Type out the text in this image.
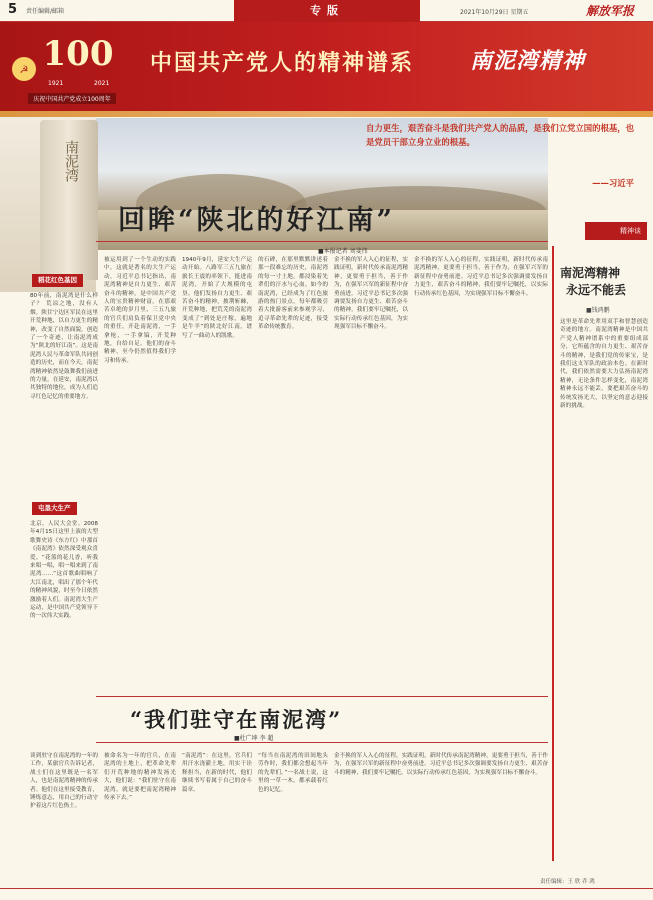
5 责任编辑/邮箱	专版	2021年10月29日 星期五	解放军报
☭ 100
1921	2021
庆祝中国共产党成立100周年
中国共产党人的精神谱系	南泥湾精神
南泥湾
自力更生，艰苦奋斗是我们共产党人的品质，是我们立党立国的根基，也是党员干部立身立业的根基。
——习近平
回眸“陕北的好江南”
■本报记者 刘斐伟
稻花红色基因
屯垦大生产
80年前，南泥湾是什么样子？ 荒凉之地，没有人烟。陕甘宁边区军民在这里开荒种地，以自力更生的精神，改变了自然面貌，创造了一个奇迹，让南泥湾成为“陕北的好江南”。这是南泥湾人民与革命军队共同创造的历史，而在今天，南泥湾精神依然是鼓舞我们前进的力量。在延安，南泥湾以其独特的地位，成为人们追寻红色记忆的重要地方。
北京，人民大会堂。2008年4月15日这里上演的大型歌舞史诗《东方红》中那首《南泥湾》依然深受观众喜爱。“花篮的花儿香，听我来唱一唱，唱一唱来到了南泥湾……”这首歌曲唱响了大江南北，唱出了那个年代的精神风貌，时至今日依然激励着人们。南泥湾大生产运动，是中国共产党领导下的一次伟大实践。
被运用到了一个生动的实践中，这就是著名的大生产运动，习近平总书记指出，南泥湾精神是自力更生、艰苦奋斗的精神，是中国共产党人的宝贵精神财富。在那艰苦卓绝的岁月里，三五九旅的官兵们肩负着保卫党中央的重任，开赴南泥湾，一手拿枪，一手拿镐，开荒种地，自给自足。他们的奋斗精神，至今仍然值得我们学习和传承。
1940年9月，延安大生产运动开始。八路军三五九旅在旅长王震的率领下，挺进南泥湾，开始了大规模的屯垦。他们发扬自力更生、艰苦奋斗的精神，披荆斩棘，开荒种地，把荒芜的南泥湾变成了“到处是庄稼，遍地是牛羊”的陕北好江南，谱写了一曲动人的凯歌。
的石碑，在那里默默讲述着那一段难忘的历史，南泥湾的每一寸土地，都浸染着先辈们的汗水与心血。如今的南泥湾，已经成为了红色旅游的热门景点，每年都吸引着大批游客前来参观学习，追寻革命先辈的足迹，接受革命传统教育。
金不换的军人入心的征程，实践证明，新时代传承南泥湾精神，更要勇于担当，善于作为，在强军兴军的新征程中奋勇前进。习近平总书记多次强调要发扬自力更生、艰苦奋斗的精神，我们要牢记嘱托，以实际行动传承红色基因，为实现强军目标不懈奋斗。
金不换的军人入心的征程，实践证明，新时代传承南泥湾精神，更要勇于担当，善于作为，在强军兴军的新征程中奋勇前进。习近平总书记多次强调要发扬自力更生、艰苦奋斗的精神，我们要牢记嘱托，以实际行动传承红色基因，为实现强军目标不懈奋斗。
“我们驻守在南泥湾”
■杜广坤 李 超
谈到驻守在南泥湾的一年的工作，某旅官兵告诉记者，战士们在这里既是一名军人，也是南泥湾精神的传承者。他们在这里接受教育，锤炼意志，用自己的行动守护着这片红色热土。
被命名为一年的官兵，在南泥湾的土地上，把革命先辈们开荒种地的精神发扬光大，他们说：“我们驻守在南泥湾，就是要把南泥湾精神传承下去。”
“南泥湾”：在这里，官兵们用汗水浇灌土地，用实干诠释担当，在新的时代，他们继续书写着属于自己的奋斗篇章。
“每当在南泥湾的田间地头劳作时，我们都会想起当年的先辈们。”一名战士说，这里的一草一木，都承载着红色的记忆。
金不换的军人入心的征程，实践证明，新时代传承南泥湾精神，更要勇于担当，善于作为，在强军兴军的新征程中奋勇前进。习近平总书记多次强调要发扬自力更生、艰苦奋斗的精神，我们要牢记嘱托，以实际行动传承红色基因，为实现强军目标不懈奋斗。
精神谈
南泥湾精神
永远不能丢
■钱鸿鹏
这里是革命先辈用双手和智慧创造奇迹的地方。南泥湾精神是中国共产党人精神谱系中的重要组成部分，它所蕴含的自力更生、艰苦奋斗的精神，是我们党的传家宝，是我们这支军队的政治本色。在新时代，我们依然需要大力弘扬南泥湾精神，无论条件怎样变化，南泥湾精神永远不能丢，要把艰苦奋斗的传统发扬光大，以坚定的意志迎接新的挑战。
责任编辑：王 欣 乔 鸿
